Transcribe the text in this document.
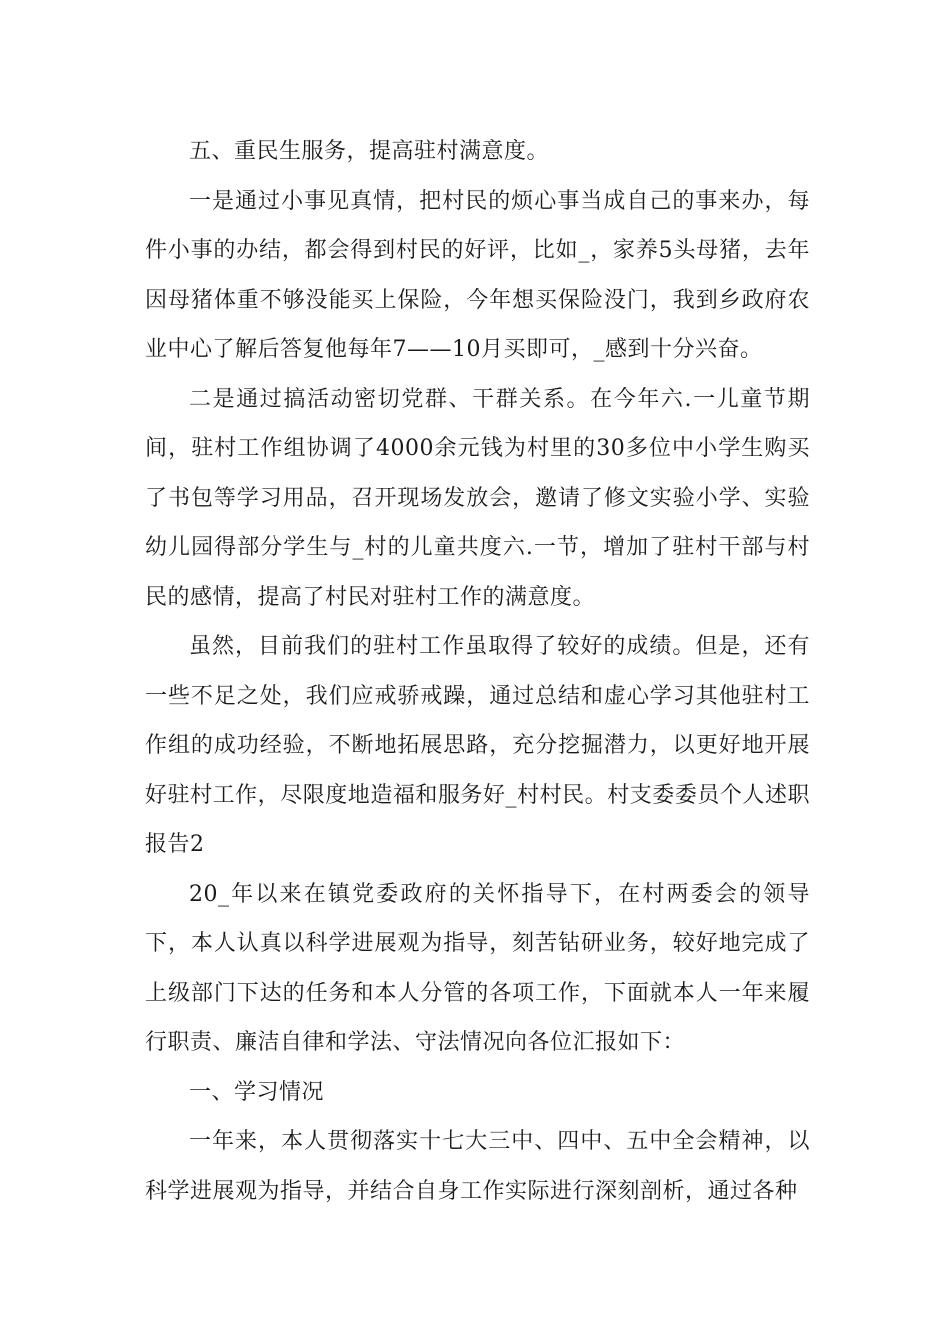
五、重民生服务，提高驻村满意度。

一是通过小事见真情，把村民的烦心事当成自己的事来办，每件小事的办结，都会得到村民的好评，比如_，家养5头母猪，去年因母猪体重不够没能买上保险，今年想买保险没门，我到乡政府农业中心了解后答复他每年7——10月买即可，_感到十分兴奋。

二是通过搞活动密切党群、干群关系。在今年六.一儿童节期间，驻村工作组协调了4000余元钱为村里的30多位中小学生购买了书包等学习用品，召开现场发放会，邀请了修文实验小学、实验幼儿园得部分学生与_村的儿童共度六.一节，增加了驻村干部与村民的感情，提高了村民对驻村工作的满意度。

虽然，目前我们的驻村工作虽取得了较好的成绩。但是，还有一些不足之处，我们应戒骄戒躁，通过总结和虚心学习其他驻村工作组的成功经验，不断地拓展思路，充分挖掘潜力，以更好地开展好驻村工作，尽限度地造福和服务好_村村民。村支委委员个人述职报告2

20_年以来在镇党委政府的关怀指导下，在村两委会的领导下，本人认真以科学进展观为指导，刻苦钻研业务，较好地完成了上级部门下达的任务和本人分管的各项工作，下面就本人一年来履行职责、廉洁自律和学法、守法情况向各位汇报如下：

一、学习情况

一年来，本人贯彻落实十七大三中、四中、五中全会精神，以科学进展观为指导，并结合自身工作实际进行深刻剖析，通过各种
